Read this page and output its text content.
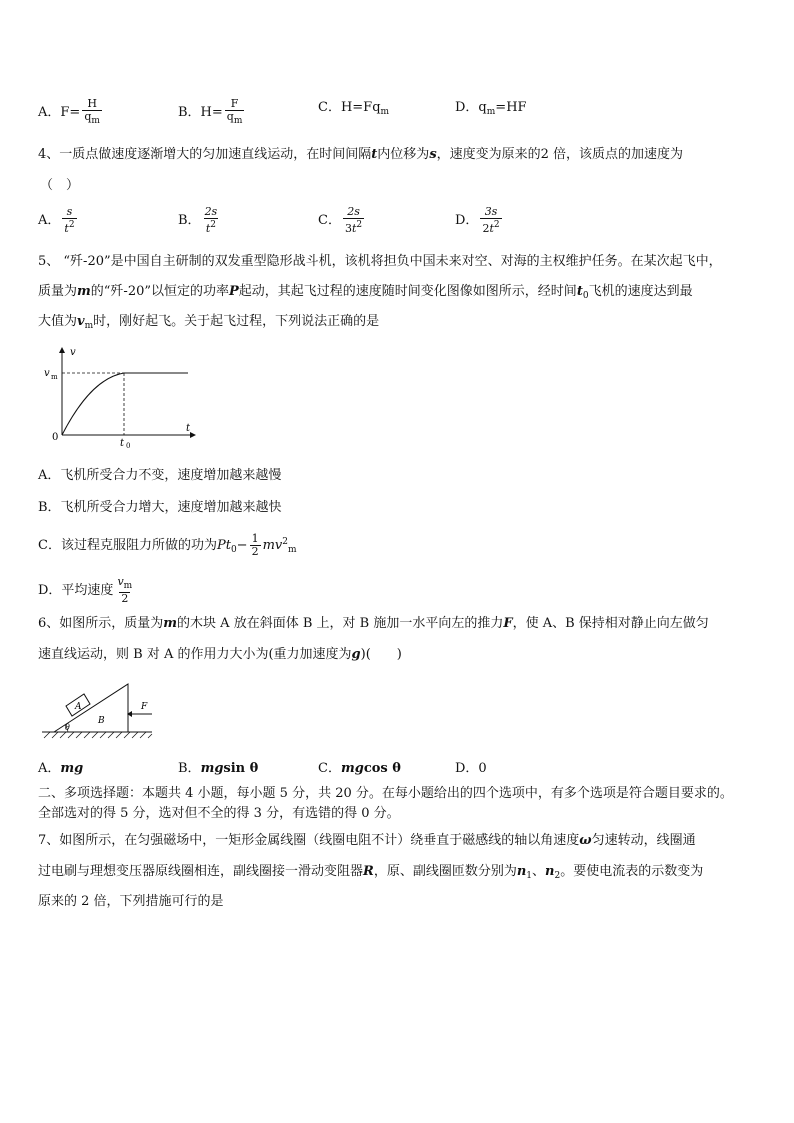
A．$F= \frac{H}{q_m}$	B．$H= \frac{F}{q_m}$	C．$H=Fq_m$	D．$q_m=HF$
4、一质点做速度逐渐增大的匀加速直线运动，在时间间隔t内位移为s，速度变为原来的2 倍，该质点的加速度为
（　）
A． $\frac{s}{t^2}$	B． $\frac{2s}{t^2}$	C． $\frac{2s}{3t^2}$	D． $\frac{3s}{2t^2}$
5、 “歼-20”是中国自主研制的双发重型隐形战斗机，该机将担负中国未来对空、对海的主权维护任务。在某次起飞中，
质量为m的“歼-20”以恒定的功率P起动，其起飞过程的速度随时间变化图像如图所示，经时间$t_0$飞机的速度达到最
大值为$v_m$时，刚好起飞。关于起飞过程，下列说法正确的是
v
t
0
v m
t 0
A．飞机所受合力不变，速度增加越来越慢
B．飞机所受合力增大，速度增加越来越快
C．该过程克服阻力所做的功为$Pt_0- \frac{1}{2} mv^2_m$
D．平均速度 $\frac{v_m}{2}$
6、如图所示，质量为m的木块 A 放在斜面体 B 上，对 B 施加一水平向左的推力F，使 A、B 保持相对静止向左做匀
速直线运动，则 B 对 A 的作用力大小为(重力加速度为g)(　　)
A
B
F
θ
A．mg	B．mgsin θ	C．mgcos θ	D．0
二、多项选择题：本题共 4 小题，每小题 5 分，共 20 分。在每小题给出的四个选项中，有多个选项是符合题目要求的。
全部选对的得 5 分，选对但不全的得 3 分，有选错的得 0 分。
7、如图所示，在匀强磁场中，一矩形金属线圈（线圈电阻不计）绕垂直于磁感线的轴以角速度ω匀速转动，线圈通
过电刷与理想变压器原线圈相连，副线圈接一滑动变阻器R，原、副线圈匝数分别为$n_1$、$n_2$。要使电流表的示数变为
原来的 2 倍，下列措施可行的是
